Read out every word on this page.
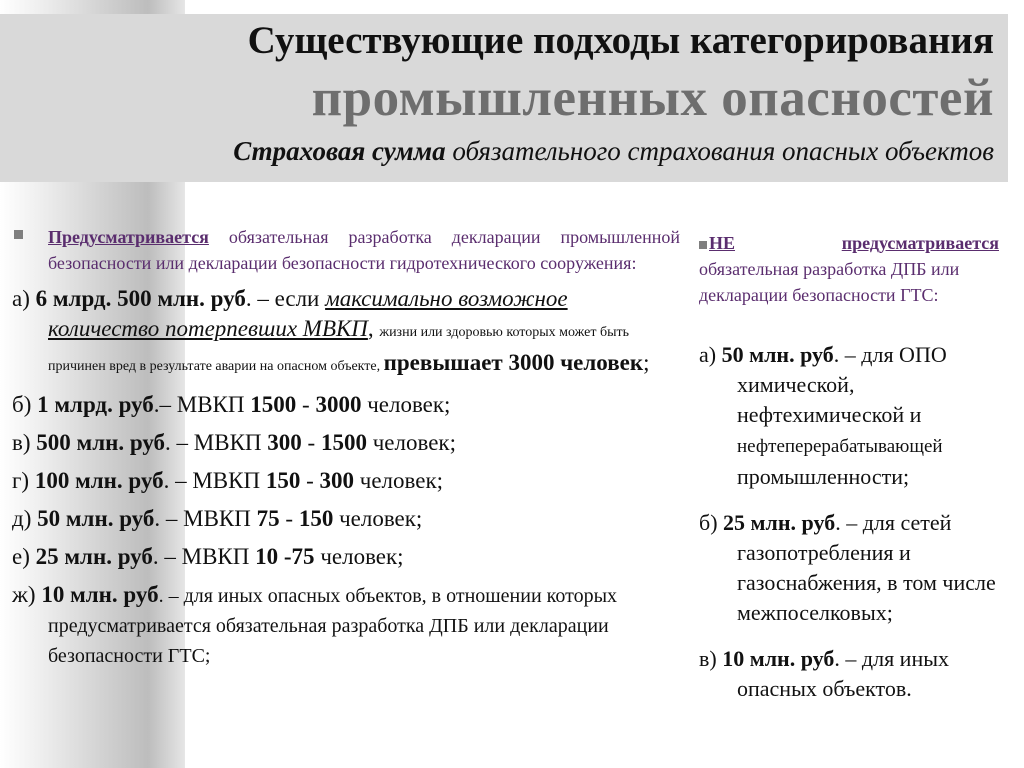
Существующие подходы категорирования
промышленных опасностей
Страховая сумма обязательного страхования опасных объектов
Предусматривается обязательная разработка декларации промышленной безопасности или декларации безопасности гидротехнического сооружения:
а) 6 млрд. 500 млн. руб. – если максимально возможное количество потерпевших МВКП, жизни или здоровью которых может быть причинен вред в результате аварии на опасном объекте, превышает 3000 человек;
б) 1 млрд. руб.– МВКП 1500 - 3000 человек;
в) 500 млн. руб. – МВКП 300 - 1500 человек;
г) 100 млн. руб. – МВКП 150 - 300 человек;
д) 50 млн. руб. – МВКП 75 - 150 человек;
е) 25 млн. руб. – МВКП 10 -75 человек;
ж) 10 млн. руб. – для иных опасных объектов, в отношении которых предусматривается обязательная разработка ДПБ или декларации безопасности ГТС;
НЕ	предусматривается
обязательная разработка ДПБ или декларации безопасности ГТС:
а) 50 млн. руб. – для ОПО химической, нефтехимической и нефтеперерабатывающей промышленности;
б) 25 млн. руб. – для сетей газопотребления и газоснабжения, в том числе межпоселковых;
в) 10 млн. руб. – для иных опасных объектов.
